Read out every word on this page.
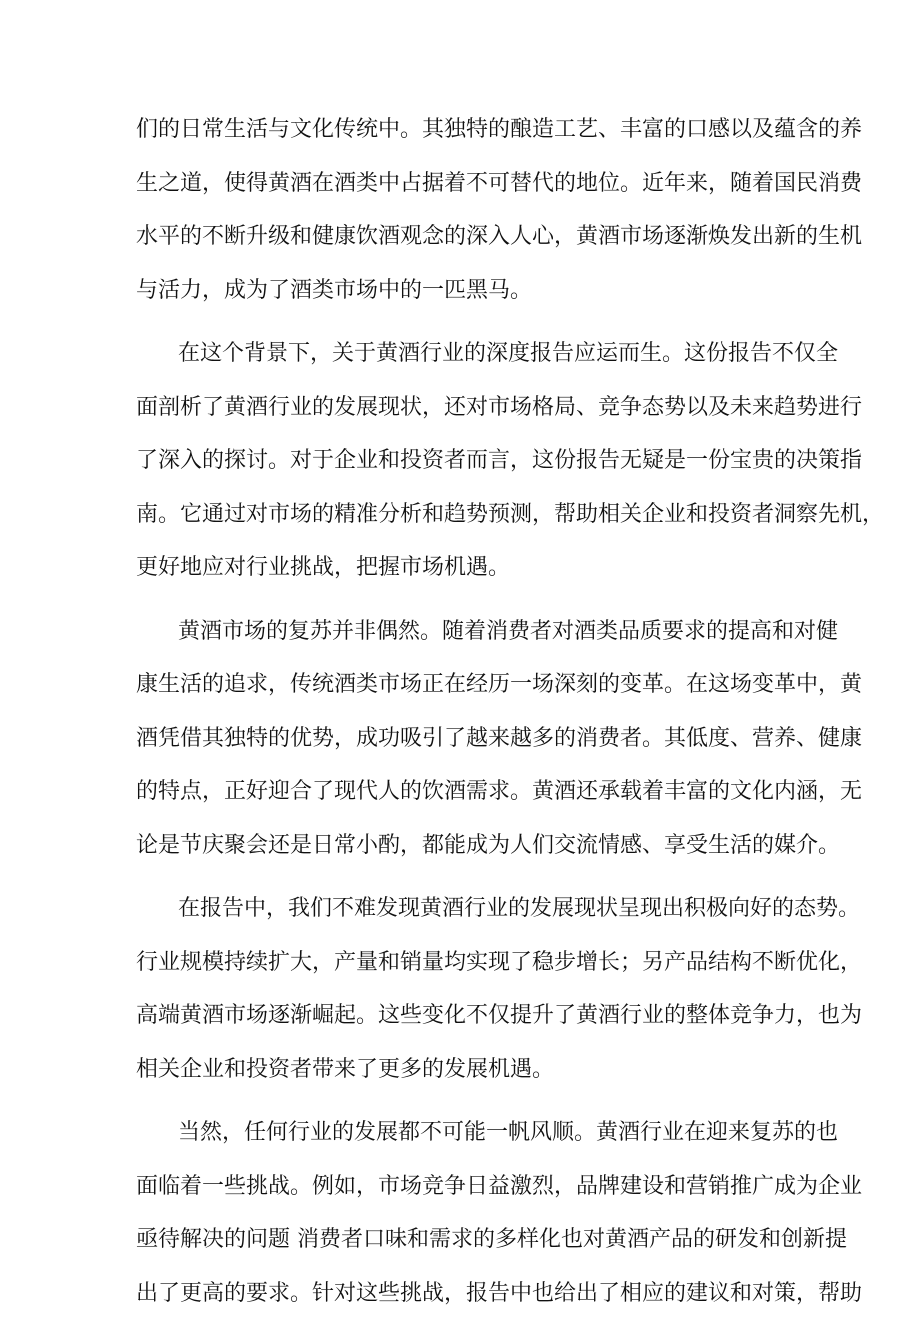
们的日常生活与文化传统中。其独特的酿造工艺、丰富的口感以及蕴含的养
生之道，使得黄酒在酒类中占据着不可替代的地位。近年来，随着国民消费
水平的不断升级和健康饮酒观念的深入人心，黄酒市场逐渐焕发出新的生机
与活力，成为了酒类市场中的一匹黑马。
在这个背景下，关于黄酒行业的深度报告应运而生。这份报告不仅全
面剖析了黄酒行业的发展现状，还对市场格局、竞争态势以及未来趋势进行
了深入的探讨。对于企业和投资者而言，这份报告无疑是一份宝贵的决策指
南。它通过对市场的精准分析和趋势预测，帮助相关企业和投资者洞察先机，
更好地应对行业挑战，把握市场机遇。
黄酒市场的复苏并非偶然。随着消费者对酒类品质要求的提高和对健
康生活的追求，传统酒类市场正在经历一场深刻的变革。在这场变革中，黄
酒凭借其独特的优势，成功吸引了越来越多的消费者。其低度、营养、健康
的特点，正好迎合了现代人的饮酒需求。黄酒还承载着丰富的文化内涵，无
论是节庆聚会还是日常小酌，都能成为人们交流情感、享受生活的媒介。
在报告中，我们不难发现黄酒行业的发展现状呈现出积极向好的态势。
行业规模持续扩大，产量和销量均实现了稳步增长；另产品结构不断优化，
高端黄酒市场逐渐崛起。这些变化不仅提升了黄酒行业的整体竞争力，也为
相关企业和投资者带来了更多的发展机遇。
当然，任何行业的发展都不可能一帆风顺。黄酒行业在迎来复苏的也
面临着一些挑战。例如，市场竞争日益激烈，品牌建设和营销推广成为企业
亟待解决的问题 消费者口味和需求的多样化也对黄酒产品的研发和创新提
出了更高的要求。针对这些挑战，报告中也给出了相应的建议和对策，帮助
